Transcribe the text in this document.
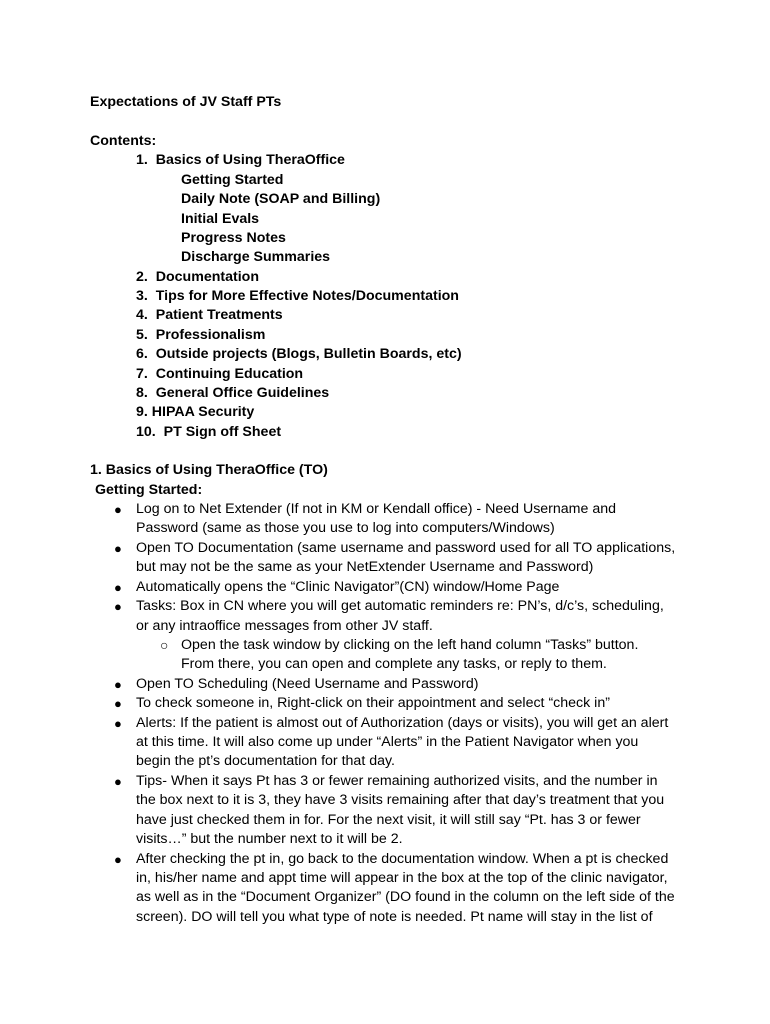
Expectations of JV Staff PTs
Contents:
1. Basics of Using TheraOffice
Getting Started
Daily Note (SOAP and Billing)
Initial Evals
Progress Notes
Discharge Summaries
2. Documentation
3. Tips for More Effective Notes/Documentation
4. Patient Treatments
5. Professionalism
6. Outside projects (Blogs, Bulletin Boards, etc)
7. Continuing Education
8. General Office Guidelines
9. HIPAA Security
10. PT Sign off Sheet
1. Basics of Using TheraOffice (TO)
Getting Started:
● Log on to Net Extender (If not in KM or Kendall office) - Need Username and
Password (same as those you use to log into computers/Windows)
● Open TO Documentation (same username and password used for all TO applications,
but may not be the same as your NetExtender Username and Password)
● Automatically opens the “Clinic Navigator”(CN) window/Home Page
● Tasks: Box in CN where you will get automatic reminders re: PN’s, d/c’s, scheduling,
or any intraoffice messages from other JV staff.
○ Open the task window by clicking on the left hand column “Tasks” button.
From there, you can open and complete any tasks, or reply to them.
● Open TO Scheduling (Need Username and Password)
● To check someone in, Right-click on their appointment and select “check in”
● Alerts: If the patient is almost out of Authorization (days or visits), you will get an alert
at this time. It will also come up under “Alerts” in the Patient Navigator when you
begin the pt’s documentation for that day.
● Tips- When it says Pt has 3 or fewer remaining authorized visits, and the number in
the box next to it is 3, they have 3 visits remaining after that day’s treatment that you
have just checked them in for. For the next visit, it will still say “Pt. has 3 or fewer
visits…” but the number next to it will be 2.
● After checking the pt in, go back to the documentation window. When a pt is checked
in, his/her name and appt time will appear in the box at the top of the clinic navigator,
as well as in the “Document Organizer” (DO found in the column on the left side of the
screen). DO will tell you what type of note is needed. Pt name will stay in the list of
